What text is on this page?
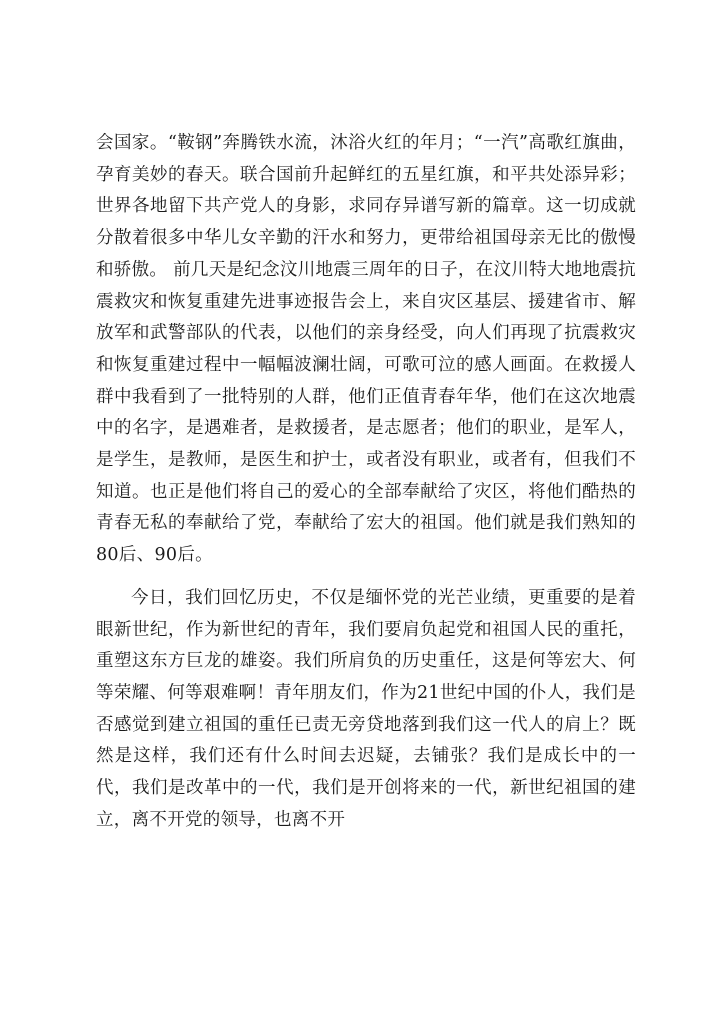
会国家。“鞍钢”奔腾铁水流，沐浴火红的年月；“一汽”高歌红旗曲，孕育美妙的春天。联合国前升起鲜红的五星红旗，和平共处添异彩；世界各地留下共产党人的身影，求同存异谱写新的篇章。这一切成就分散着很多中华儿女辛勤的汗水和努力，更带给祖国母亲无比的傲慢和骄傲。 前几天是纪念汶川地震三周年的日子，在汶川特大地地震抗震救灾和恢复重建先进事迹报告会上，来自灾区基层、援建省市、解放军和武警部队的代表，以他们的亲身经受，向人们再现了抗震救灾和恢复重建过程中一幅幅波澜壮阔，可歌可泣的感人画面。在救援人群中我看到了一批特别的人群，他们正值青春年华，他们在这次地震中的名字，是遇难者，是救援者，是志愿者；他们的职业，是军人，是学生，是教师，是医生和护士，或者没有职业，或者有，但我们不知道。也正是他们将自己的爱心的全部奉献给了灾区，将他们酷热的青春无私的奉献给了党，奉献给了宏大的祖国。他们就是我们熟知的80后、90后。

今日，我们回忆历史，不仅是缅怀党的光芒业绩，更重要的是着眼新世纪，作为新世纪的青年，我们要肩负起党和祖国人民的重托，重塑这东方巨龙的雄姿。我们所肩负的历史重任，这是何等宏大、何等荣耀、何等艰难啊！青年朋友们，作为21世纪中国的仆人，我们是否感觉到建立祖国的重任已责无旁贷地落到我们这一代人的肩上？既然是这样，我们还有什么时间去迟疑，去铺张？我们是成长中的一代，我们是改革中的一代，我们是开创将来的一代，新世纪祖国的建立，离不开党的领导，也离不开
